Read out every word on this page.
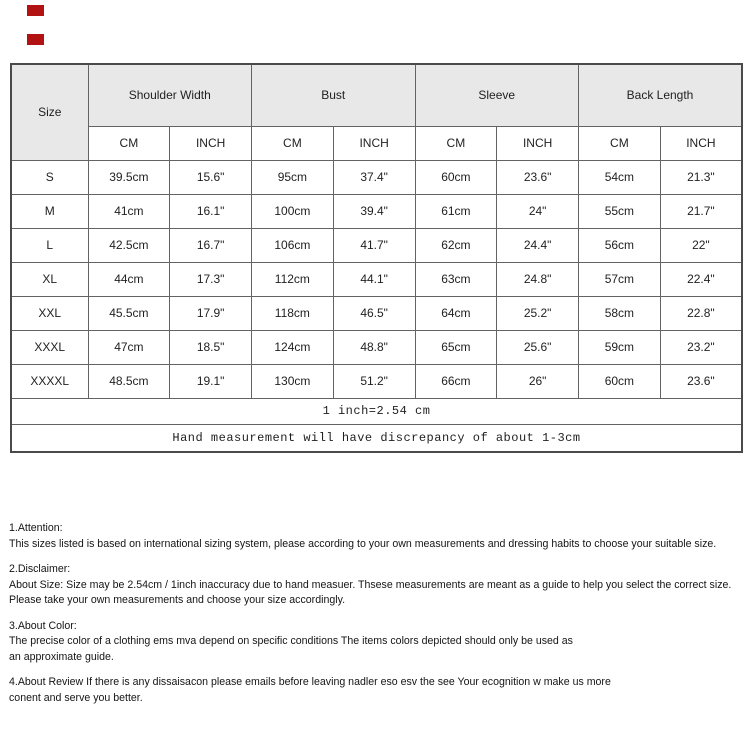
Size	Shoulder Width		Bust		Sleeve		Back Length	
	CM	INCH	CM	INCH	CM	INCH	CM	INCH
S	39.5cm	15.6"	95cm	37.4"	60cm	23.6"	54cm	21.3"
M	41cm	16.1"	100cm	39.4"	61cm	24"	55cm	21.7"
L	42.5cm	16.7"	106cm	41.7"	62cm	24.4"	56cm	22"
XL	44cm	17.3"	112cm	44.1"	63cm	24.8"	57cm	22.4"
XXL	45.5cm	17.9"	118cm	46.5"	64cm	25.2"	58cm	22.8"
XXXL	47cm	18.5"	124cm	48.8"	65cm	25.6"	59cm	23.2"
XXXXL	48.5cm	19.1"	130cm	51.2"	66cm	26"	60cm	23.6"
1 inch=2.54 cm								
Hand measurement will have discrepancy of about 1-3cm								
1.Attention:
This sizes listed is based on international sizing system, please according to your own measurements and dressing habits to choose your suitable size.
2.Disclaimer:
About Size: Size may be 2.54cm / 1inch inaccuracy due to hand measuer. Thsese measurements are meant as a guide to help you select the correct size.
Please take your own measurements and choose your size accordingly.
3.About Color:
The precise color of a clothing ems mva depend on specific conditions The items colors depicted should only be used as
an approximate guide.
4.About Review If there is any dissaisacon please emails before leaving nadler eso esv the see Your ecognition w make us more
conent and serve you better.
